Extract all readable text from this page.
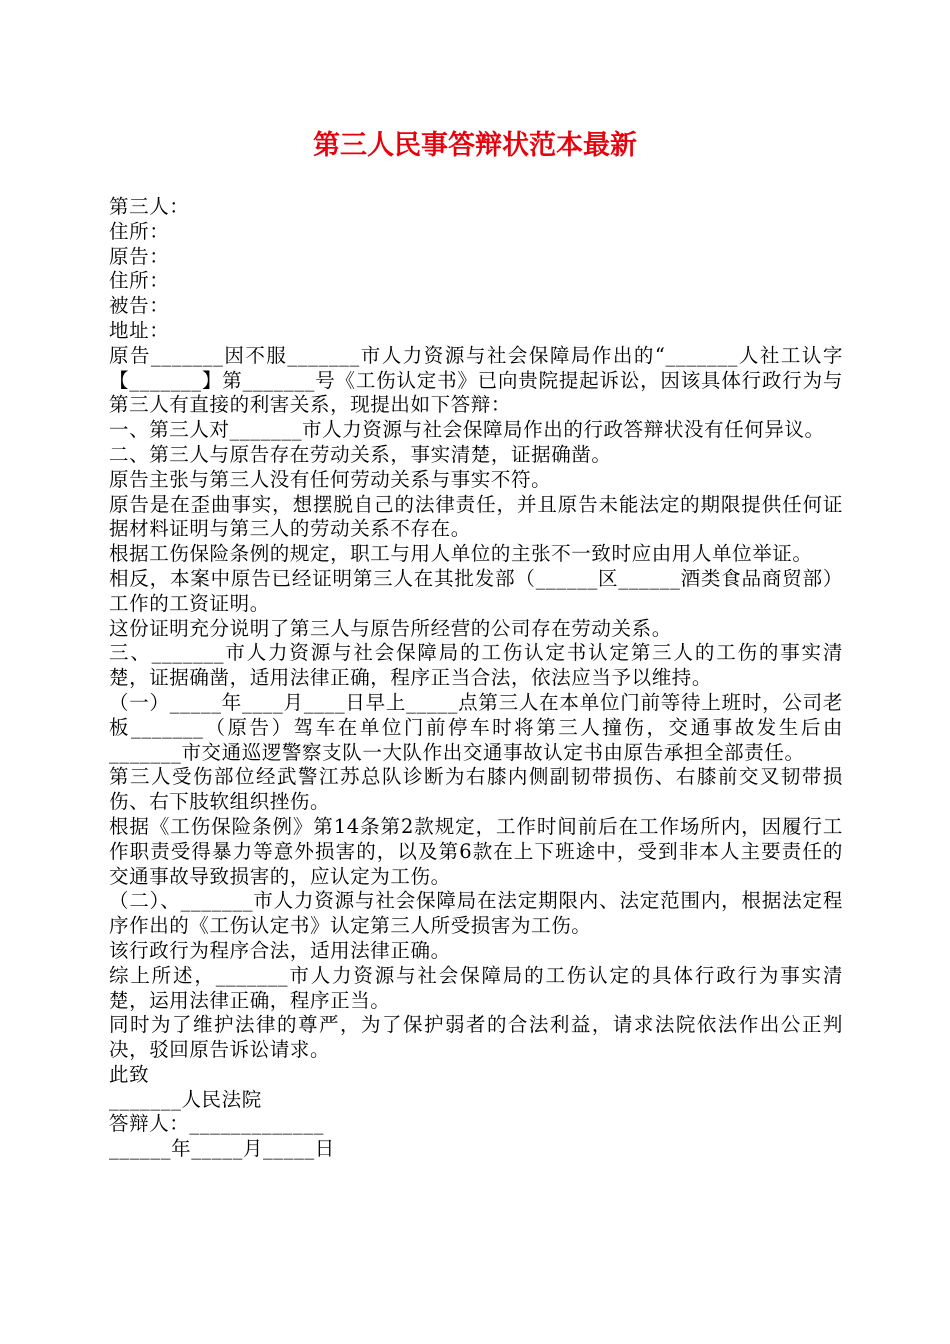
第三人民事答辩状范本最新

第三人：

住所：

原告：

住所：

被告：

地址：

原告_______因不服_______市人力资源与社会保障局作出的“_______人社工认字【_______】第_______号《工伤认定书》已向贵院提起诉讼，因该具体行政行为与第三人有直接的利害关系，现提出如下答辩：

一、第三人对_______市人力资源与社会保障局作出的行政答辩状没有任何异议。

二、第三人与原告存在劳动关系，事实清楚，证据确凿。

原告主张与第三人没有任何劳动关系与事实不符。

原告是在歪曲事实，想摆脱自己的法律责任，并且原告未能法定的期限提供任何证据材料证明与第三人的劳动关系不存在。

根据工伤保险条例的规定，职工与用人单位的主张不一致时应由用人单位举证。

相反，本案中原告已经证明第三人在其批发部（______区______酒类食品商贸部）工作的工资证明。

这份证明充分说明了第三人与原告所经营的公司存在劳动关系。

三、_______市人力资源与社会保障局的工伤认定书认定第三人的工伤的事实清楚，证据确凿，适用法律正确，程序正当合法，依法应当予以维持。

（一）_____年____月____日早上_____点第三人在本单位门前等待上班时，公司老板_______（原告）驾车在单位门前停车时将第三人撞伤，交通事故发生后由_______市交通巡逻警察支队一大队作出交通事故认定书由原告承担全部责任。

第三人受伤部位经武警江苏总队诊断为右膝内侧副韧带损伤、右膝前交叉韧带损伤、右下肢软组织挫伤。

根据《工伤保险条例》第14条第2款规定，工作时间前后在工作场所内，因履行工作职责受得暴力等意外损害的，以及第6款在上下班途中，受到非本人主要责任的交通事故导致损害的，应认定为工伤。

（二）、_______市人力资源与社会保障局在法定期限内、法定范围内，根据法定程序作出的《工伤认定书》认定第三人所受损害为工伤。

该行政行为程序合法，适用法律正确。

综上所述，_______市人力资源与社会保障局的工伤认定的具体行政行为事实清楚，运用法律正确，程序正当。

同时为了维护法律的尊严，为了保护弱者的合法利益，请求法院依法作出公正判决，驳回原告诉讼请求。

此致

_______人民法院

答辩人：_____________

______年_____月_____日
